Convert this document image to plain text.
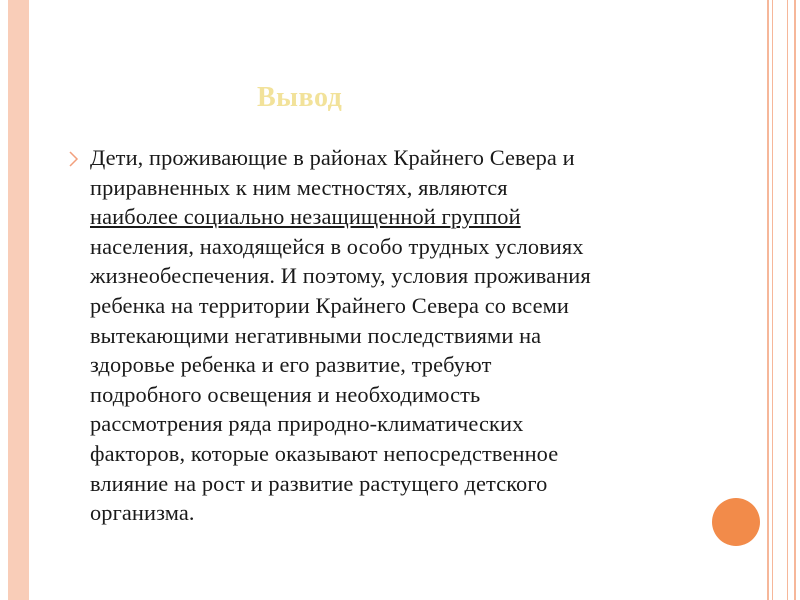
Вывод
Дети, проживающие в районах Крайнего Севера и
приравненных к ним местностях, являются
наиболее социально незащищенной группой
населения, находящейся в особо трудных условиях
жизнеобеспечения. И поэтому, условия проживания
ребенка на территории Крайнего Севера со всеми
вытекающими негативными последствиями на
здоровье ребенка и его развитие, требуют
подробного освещения и необходимость
рассмотрения ряда природно-климатических
факторов, которые оказывают непосредственное
влияние на рост и развитие растущего детского
организма.
